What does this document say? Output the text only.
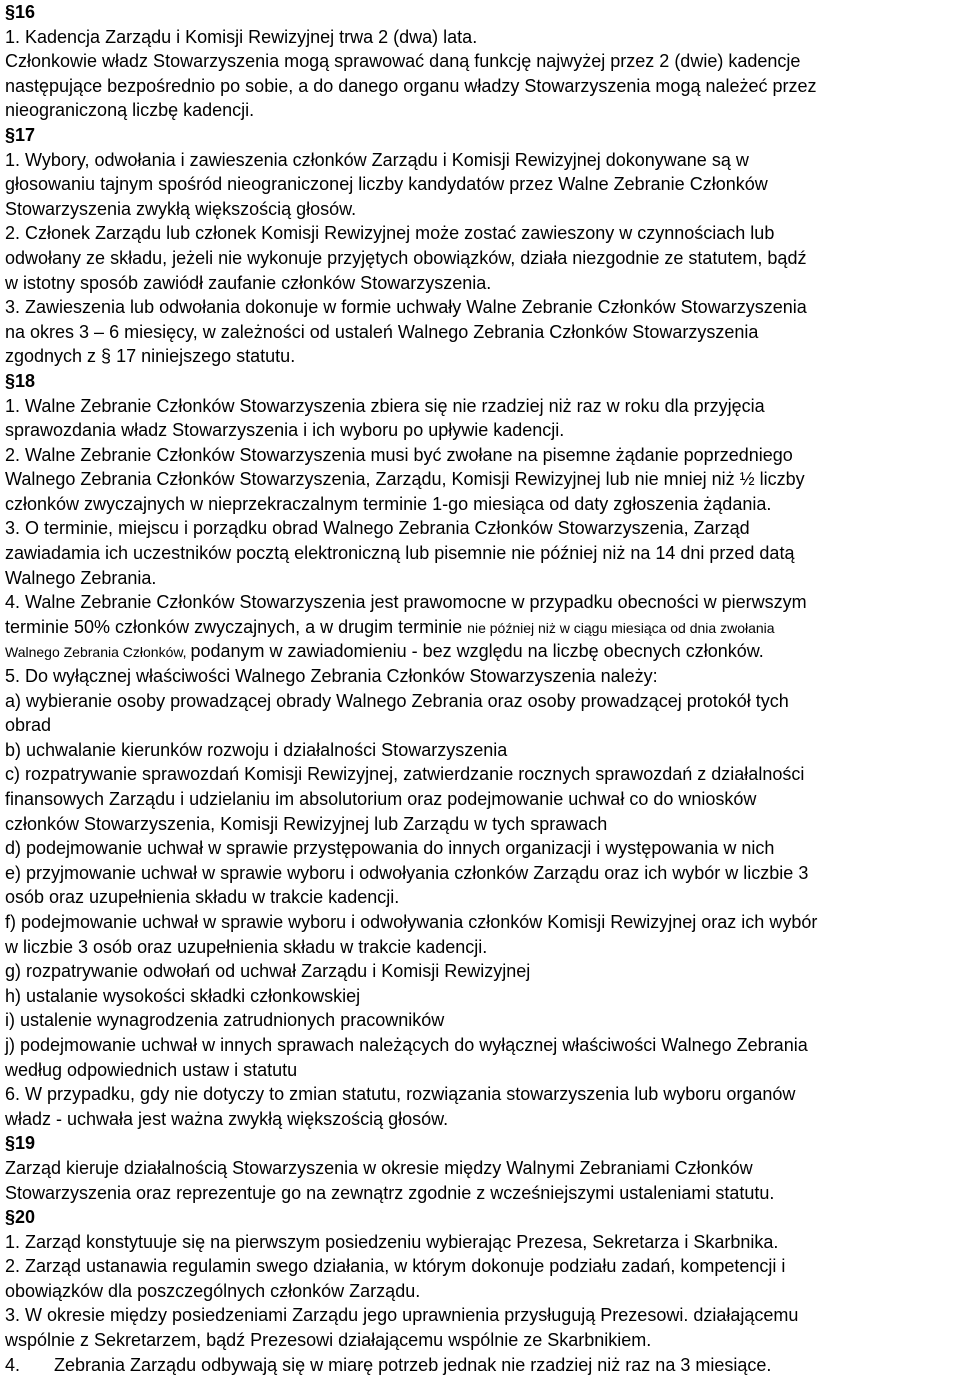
§16
1. Kadencja Zarządu i Komisji Rewizyjnej trwa 2 (dwa) lata.
Członkowie władz Stowarzyszenia mogą sprawować daną funkcję najwyżej przez 2 (dwie) kadencje
następujące bezpośrednio po sobie, a do danego organu władzy Stowarzyszenia mogą należeć przez
nieograniczoną liczbę kadencji.
§17
1. Wybory, odwołania i zawieszenia członków Zarządu i Komisji Rewizyjnej dokonywane są w
głosowaniu tajnym spośród nieograniczonej liczby kandydatów przez Walne Zebranie Członków
Stowarzyszenia zwykłą większością głosów.
2. Członek Zarządu lub członek Komisji Rewizyjnej może zostać zawieszony w czynnościach lub
odwołany ze składu, jeżeli nie wykonuje przyjętych obowiązków, działa niezgodnie ze statutem, bądź
w istotny sposób zawiódł zaufanie członków Stowarzyszenia.
3. Zawieszenia lub odwołania dokonuje w formie uchwały Walne Zebranie Członków Stowarzyszenia
na okres 3 – 6 miesięcy, w zależności od ustaleń Walnego Zebrania Członków Stowarzyszenia
zgodnych z § 17 niniejszego statutu.
§18
1. Walne Zebranie Członków Stowarzyszenia zbiera się nie rzadziej niż raz w roku dla przyjęcia
sprawozdania władz Stowarzyszenia i ich wyboru po upływie kadencji.
2. Walne Zebranie Członków Stowarzyszenia musi być zwołane na pisemne żądanie poprzedniego
Walnego Zebrania Członków Stowarzyszenia, Zarządu, Komisji Rewizyjnej lub nie mniej niż ½ liczby
członków zwyczajnych w nieprzekraczalnym terminie 1-go miesiąca od daty zgłoszenia żądania.
3. O terminie, miejscu i porządku obrad Walnego Zebrania Członków Stowarzyszenia, Zarząd
zawiadamia ich uczestników pocztą elektroniczną lub pisemnie nie później niż na 14 dni przed datą
Walnego Zebrania.
4. Walne Zebranie Członków Stowarzyszenia jest prawomocne w przypadku obecności w pierwszym
terminie 50% członków zwyczajnych, a w drugim terminie nie później niż w ciągu miesiąca od dnia zwołania
Walnego Zebrania Członków, podanym w zawiadomieniu - bez względu na liczbę obecnych członków.
5. Do wyłącznej właściwości Walnego Zebrania Członków Stowarzyszenia należy:
a) wybieranie osoby prowadzącej obrady Walnego Zebrania oraz osoby prowadzącej protokół tych
obrad
b) uchwalanie kierunków rozwoju i działalności Stowarzyszenia
c) rozpatrywanie sprawozdań Komisji Rewizyjnej, zatwierdzanie rocznych sprawozdań z działalności
finansowych Zarządu i udzielaniu im absolutorium oraz podejmowanie uchwał co do wniosków
członków Stowarzyszenia, Komisji Rewizyjnej lub Zarządu w tych sprawach
d) podejmowanie uchwał w sprawie przystępowania do innych organizacji i występowania w nich
e) przyjmowanie uchwał w sprawie wyboru i odwołyania członków Zarządu oraz ich wybór w liczbie 3
osób oraz uzupełnienia składu w trakcie kadencji.
f) podejmowanie uchwał w sprawie wyboru i odwoływania członków Komisji Rewizyjnej oraz ich wybór
w liczbie 3 osób oraz uzupełnienia składu w trakcie kadencji.
g) rozpatrywanie odwołań od uchwał Zarządu i Komisji Rewizyjnej
h) ustalanie wysokości składki członkowskiej
i) ustalenie wynagrodzenia zatrudnionych pracowników
j) podejmowanie uchwał w innych sprawach należących do wyłącznej właściwości Walnego Zebrania
według odpowiednich ustaw i statutu
6. W przypadku, gdy nie dotyczy to zmian statutu, rozwiązania stowarzyszenia lub wyboru organów
władz - uchwała jest ważna zwykłą większością głosów.
§19
Zarząd kieruje działalnością Stowarzyszenia w okresie między Walnymi Zebraniami Członków
Stowarzyszenia oraz reprezentuje go na zewnątrz zgodnie z wcześniejszymi ustaleniami statutu.
§20
1. Zarząd konstytuuje się na pierwszym posiedzeniu wybierając Prezesa, Sekretarza i Skarbnika.
2. Zarząd ustanawia regulamin swego działania, w którym dokonuje podziału zadań, kompetencji i
obowiązków dla poszczególnych członków Zarządu.
3. W okresie między posiedzeniami Zarządu jego uprawnienia przysługują Prezesowi. działającemu
wspólnie z Sekretarzem, bądź Prezesowi działającemu wspólnie ze Skarbnikiem.
4. Zebrania Zarządu odbywają się w miarę potrzeb jednak nie rzadziej niż raz na 3 miesiące.
